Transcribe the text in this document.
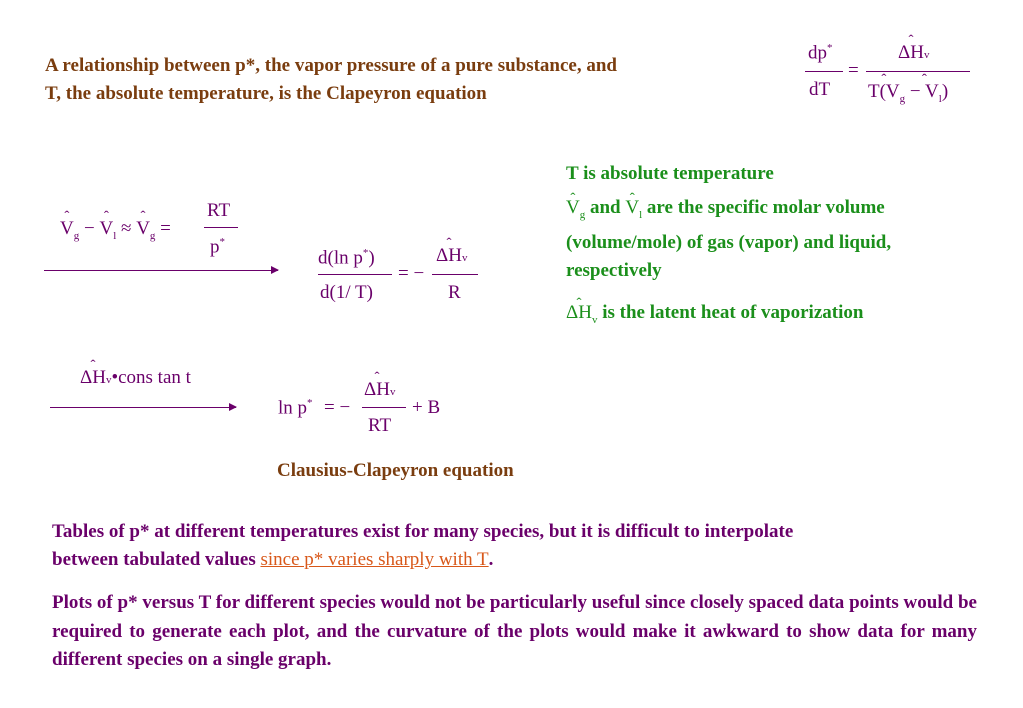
A relationship between p*, the vapor pressure of a pure substance, and
T, the absolute temperature, is the Clapeyron equation
dp*
dT
=
ˆ ΔHv
ˆ $T(V_g$ ˆ − $V_l$)
T is absolute temperature
ˆ $V_g$ and ˆ $V_l$ are the specific molar volume
(volume/mole) of gas (vapor) and liquid,
respectively
ˆ $\Delta H_v$ is the latent heat of vaporization
ˆ $V_g$ − ˆ $V_l$ ≈ ˆ $V_g$ =
RT
p*
d(ln p*)
d(1/ T)
= −
ˆ ΔHv
R
ˆ ΔHv•cons tan t
ln p* = −
ˆ ΔHv
RT
+ B
Clausius-Clapeyron equation
Tables of p* at different temperatures exist for many species, but it is difficult to interpolate
between tabulated values since p* varies sharply with T.
Plots of p* versus T for different species would not be particularly useful since closely spaced data points would be required to generate each plot, and the curvature of the plots would make it awkward to show data for many different species on a single graph.
